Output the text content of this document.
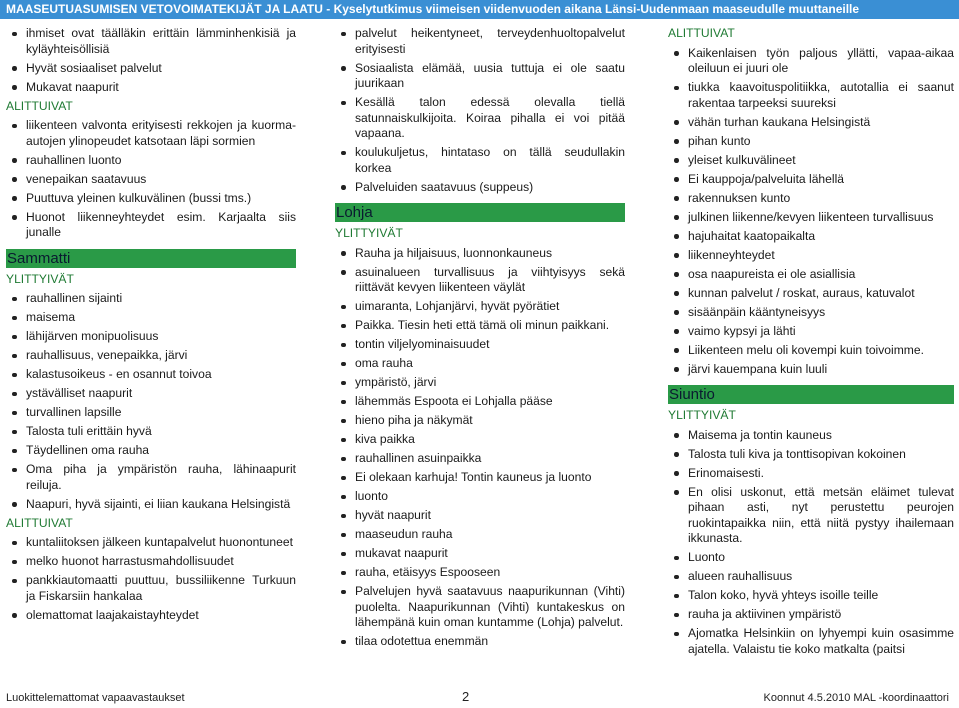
MAASEUTUASUMISEN VETOVOIMATEKIJÄT JA LAATU - Kyselytutkimus viimeisen viidenvuoden aikana Länsi-Uudenmaan maaseudulle muuttaneille
ihmiset ovat täälläkin erittäin lämminhenkisiä ja kyläyhteisöllisiä
Hyvät sosiaaliset palvelut
Mukavat naapurit
ALITTUIVAT
liikenteen valvonta erityisesti rekkojen ja kuorma-autojen ylinopeudet katsotaan läpi sormien
rauhallinen luonto
venepaikan saatavuus
Puuttuva yleinen kulkuvälinen (bussi tms.)
Huonot liikenneyhteydet esim. Karjaalta siis junalle
Sammatti
YLITTYIVÄT
rauhallinen sijainti
maisema
lähijärven monipuolisuus
rauhallisuus, venepaikka, järvi
kalastusoikeus - en osannut toivoa
ystävälliset naapurit
turvallinen lapsille
Talosta tuli erittäin hyvä
Täydellinen oma rauha
Oma piha ja ympäristön rauha, lähinaapurit reiluja.
Naapuri, hyvä sijainti, ei liian kaukana Helsingistä
ALITTUIVAT
kuntaliitoksen jälkeen kuntapalvelut huonontuneet
melko huonot harrastusmahdollisuudet
pankkiautomaatti puuttuu, bussiliikenne Turkuun ja Fiskarsiin hankalaa
olemattomat laajakaistayhteydet
palvelut heikentyneet, terveydenhuoltopalvelut erityisesti
Sosiaalista elämää, uusia tuttuja ei ole saatu juurikaan
Kesällä talon edessä olevalla tiellä satunnaiskulkijoita. Koiraa pihalla ei voi pitää vapaana.
koulukuljetus, hintataso on tällä seudullakin korkea
Palveluiden saatavuus (suppeus)
Lohja
YLITTYIVÄT
Rauha ja hiljaisuus, luonnonkauneus
asuinalueen turvallisuus ja viihtyisyys sekä riittävät kevyen liikenteen väylät
uimaranta, Lohjanjärvi, hyvät pyörätiet
Paikka. Tiesin heti että tämä oli minun paikkani.
tontin viljelyominaisuudet
oma rauha
ympäristö, järvi
lähemmäs Espoota ei Lohjalla pääse
hieno piha ja näkymät
kiva paikka
rauhallinen asuinpaikka
Ei olekaan karhuja! Tontin kauneus ja luonto
luonto
hyvät naapurit
maaseudun rauha
mukavat naapurit
rauha, etäisyys Espooseen
Palvelujen hyvä saatavuus naapurikunnan (Vihti) puolelta. Naapurikunnan (Vihti) kuntakeskus on lähempänä kuin oman kuntamme (Lohja) palvelut.
tilaa odotettua enemmän
ALITTUIVAT
Kaikenlaisen työn paljous yllätti, vapaa-aikaa oleiluun ei juuri ole
tiukka kaavoituspolitiikka, autotallia ei saanut rakentaa tarpeeksi suureksi
vähän turhan kaukana Helsingistä
pihan kunto
yleiset kulkuvälineet
Ei kauppoja/palveluita lähellä
rakennuksen kunto
julkinen liikenne/kevyen liikenteen turvallisuus
hajuhaitat kaatopaikalta
liikenneyhteydet
osa naapureista ei ole asiallisia
kunnan palvelut / roskat, auraus, katuvalot
sisäänpäin kääntyneisyys
vaimo kypsyi ja lähti
Liikenteen melu oli kovempi kuin toivoimme.
järvi kauempana kuin luuli
Siuntio
YLITTYIVÄT
Maisema ja tontin kauneus
Talosta tuli kiva ja tonttisopivan kokoinen
Erinomaisesti.
En olisi uskonut, että metsän eläimet tulevat pihaan asti, nyt perustettu peurojen ruokintapaikka niin, että niitä pystyy ihailemaan ikkunasta.
Luonto
alueen rauhallisuus
Talon koko, hyvä yhteys isoille teille
rauha ja aktiivinen ympäristö
Ajomatka Helsinkiin on lyhyempi kuin osasimme ajatella. Valaistu tie koko matkalta (paitsi
Luokittelemattomat vapaavastaukset	2	Koonnut 4.5.2010 MAL -koordinaattori
